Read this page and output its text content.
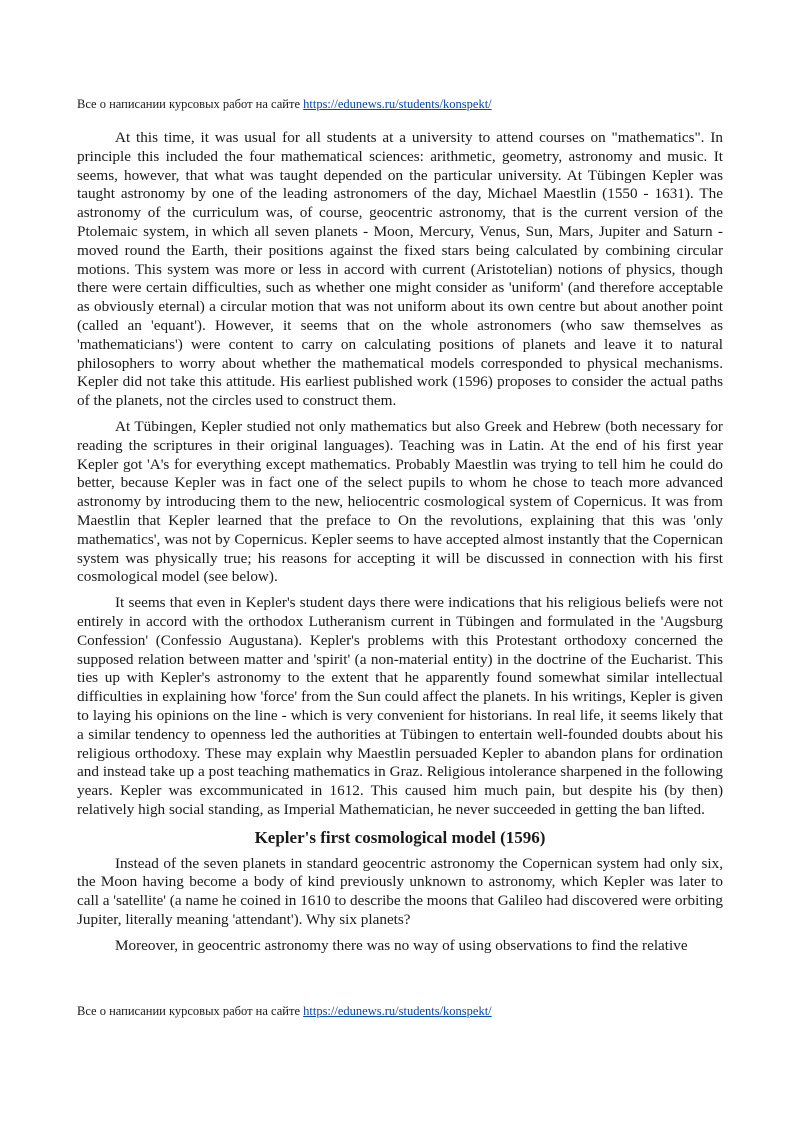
Все о написании курсовых работ на сайте https://edunews.ru/students/konspekt/

At this time, it was usual for all students at a university to attend courses on "mathematics". In principle this included the four mathematical sciences: arithmetic, geometry, astronomy and music. It seems, however, that what was taught depended on the particular university. At Tübingen Kepler was taught astronomy by one of the leading astronomers of the day, Michael Maestlin (1550 - 1631). The astronomy of the curriculum was, of course, geocentric astronomy, that is the current version of the Ptolemaic system, in which all seven planets - Moon, Mercury, Venus, Sun, Mars, Jupiter and Saturn - moved round the Earth, their positions against the fixed stars being calculated by combining circular motions. This system was more or less in accord with current (Aristotelian) notions of physics, though there were certain difficulties, such as whether one might consider as 'uniform' (and therefore acceptable as obviously eternal) a circular motion that was not uniform about its own centre but about another point (called an 'equant'). However, it seems that on the whole astronomers (who saw themselves as 'mathematicians') were content to carry on calculating positions of planets and leave it to natural philosophers to worry about whether the mathematical models corresponded to physical mechanisms. Kepler did not take this attitude. His earliest published work (1596) proposes to consider the actual paths of the planets, not the circles used to construct them.

At Tübingen, Kepler studied not only mathematics but also Greek and Hebrew (both necessary for reading the scriptures in their original languages). Teaching was in Latin. At the end of his first year Kepler got 'A's for everything except mathematics. Probably Maestlin was trying to tell him he could do better, because Kepler was in fact one of the select pupils to whom he chose to teach more advanced astronomy by introducing them to the new, heliocentric cosmological system of Copernicus. It was from Maestlin that Kepler learned that the preface to On the revolutions, explaining that this was 'only mathematics', was not by Copernicus. Kepler seems to have accepted almost instantly that the Copernican system was physically true; his reasons for accepting it will be discussed in connection with his first cosmological model (see below).

It seems that even in Kepler's student days there were indications that his religious beliefs were not entirely in accord with the orthodox Lutheranism current in Tübingen and formulated in the 'Augsburg Confession' (Confessio Augustana). Kepler's problems with this Protestant orthodoxy concerned the supposed relation between matter and 'spirit' (a non-material entity) in the doctrine of the Eucharist. This ties up with Kepler's astronomy to the extent that he apparently found somewhat similar intellectual difficulties in explaining how 'force' from the Sun could affect the planets. In his writings, Kepler is given to laying his opinions on the line - which is very convenient for historians. In real life, it seems likely that a similar tendency to openness led the authorities at Tübingen to entertain well-founded doubts about his religious orthodoxy. These may explain why Maestlin persuaded Kepler to abandon plans for ordination and instead take up a post teaching mathematics in Graz. Religious intolerance sharpened in the following years. Kepler was excommunicated in 1612. This caused him much pain, but despite his (by then) relatively high social standing, as Imperial Mathematician, he never succeeded in getting the ban lifted.

Kepler's first cosmological model (1596)

Instead of the seven planets in standard geocentric astronomy the Copernican system had only six, the Moon having become a body of kind previously unknown to astronomy, which Kepler was later to call a 'satellite' (a name he coined in 1610 to describe the moons that Galileo had discovered were orbiting Jupiter, literally meaning 'attendant'). Why six planets?

Moreover, in geocentric astronomy there was no way of using observations to find the relative

Все о написании курсовых работ на сайте https://edunews.ru/students/konspekt/
